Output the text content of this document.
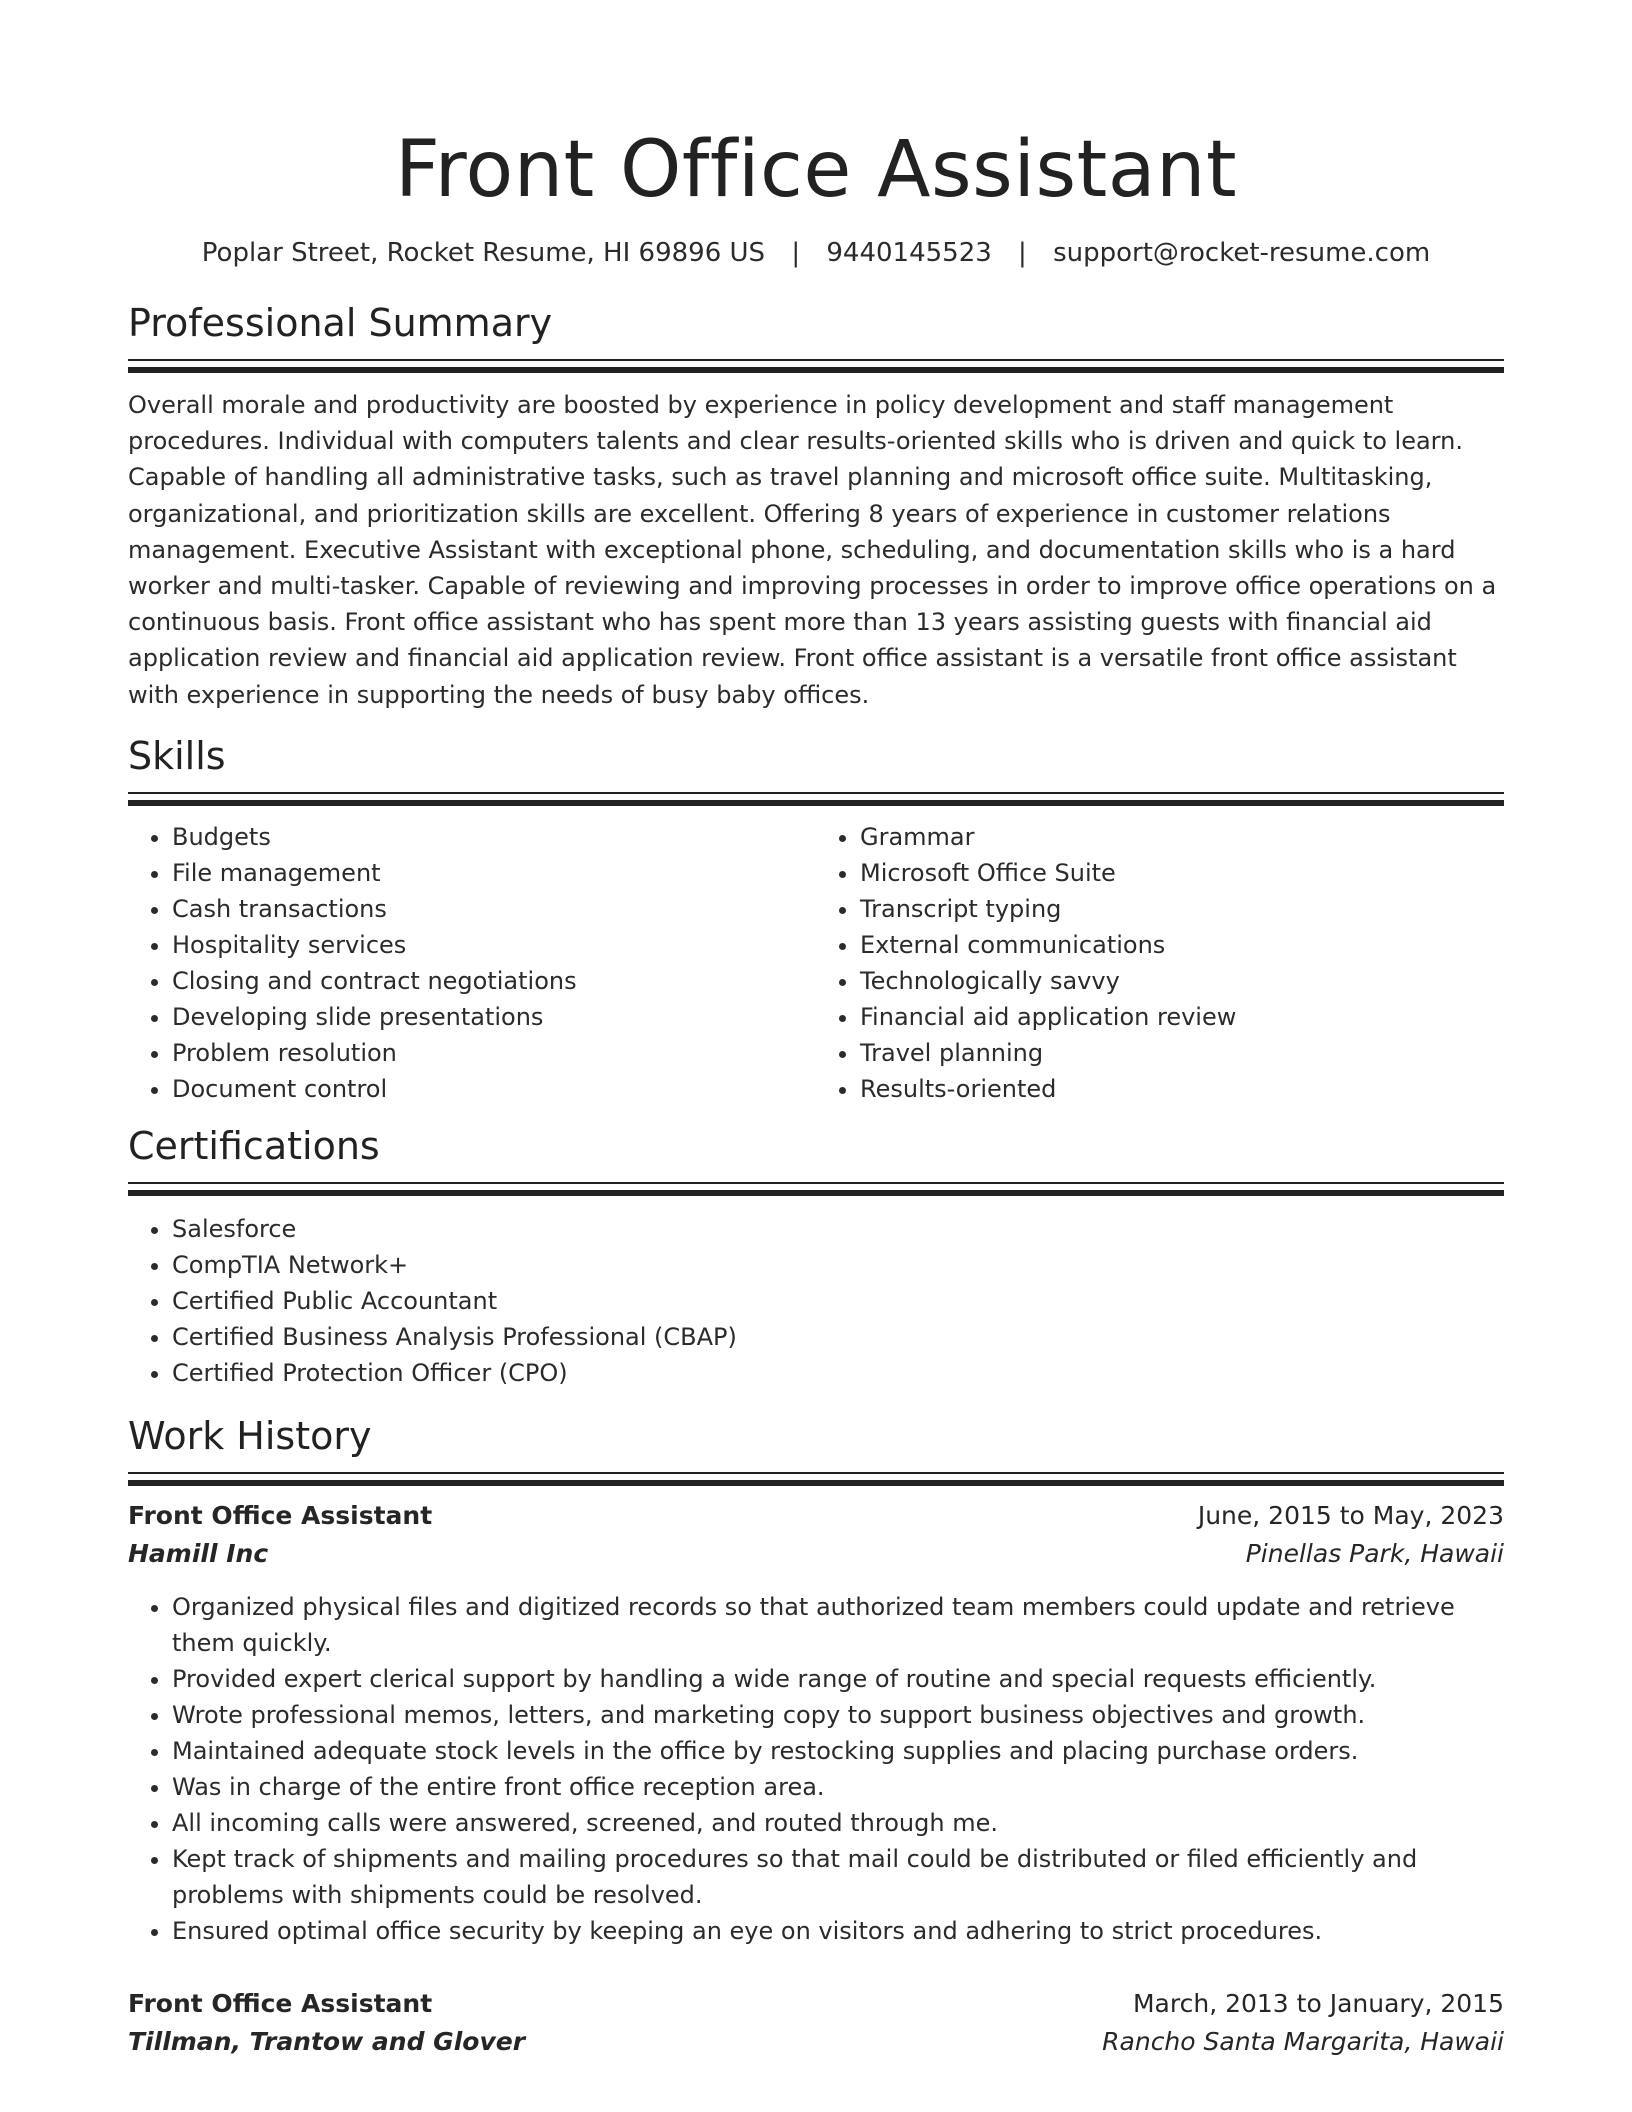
Front Office Assistant
Poplar Street, Rocket Resume, HI 69896 US | 9440145523 | support@rocket-resume.com
Professional Summary

Overall morale and productivity are boosted by experience in policy development and staff management procedures. Individual with computers talents and clear results-oriented skills who is driven and quick to learn. Capable of handling all administrative tasks, such as travel planning and microsoft office suite. Multitasking, organizational, and prioritization skills are excellent. Offering 8 years of experience in customer relations management. Executive Assistant with exceptional phone, scheduling, and documentation skills who is a hard worker and multi-tasker. Capable of reviewing and improving processes in order to improve office operations on a continuous basis. Front office assistant who has spent more than 13 years assisting guests with financial aid application review and financial aid application review. Front office assistant is a versatile front office assistant with experience in supporting the needs of busy baby offices.

Skills
• Budgets
• File management
• Cash transactions
• Hospitality services
• Closing and contract negotiations
• Developing slide presentations
• Problem resolution
• Document control
• Grammar
• Microsoft Office Suite
• Transcript typing
• External communications
• Technologically savvy
• Financial aid application review
• Travel planning
• Results-oriented
Certifications
• Salesforce
• CompTIA Network+
• Certified Public Accountant
• Certified Business Analysis Professional (CBAP)
• Certified Protection Officer (CPO)
Work History
Front Office Assistant	June, 2015 to May, 2023
Hamill Inc	Pinellas Park, Hawaii
• Organized physical files and digitized records so that authorized team members could update and retrieve them quickly.
• Provided expert clerical support by handling a wide range of routine and special requests efficiently.
• Wrote professional memos, letters, and marketing copy to support business objectives and growth.
• Maintained adequate stock levels in the office by restocking supplies and placing purchase orders.
• Was in charge of the entire front office reception area.
• All incoming calls were answered, screened, and routed through me.
• Kept track of shipments and mailing procedures so that mail could be distributed or filed efficiently and problems with shipments could be resolved.
• Ensured optimal office security by keeping an eye on visitors and adhering to strict procedures.
Front Office Assistant	March, 2013 to January, 2015
Tillman, Trantow and Glover	Rancho Santa Margarita, Hawaii
